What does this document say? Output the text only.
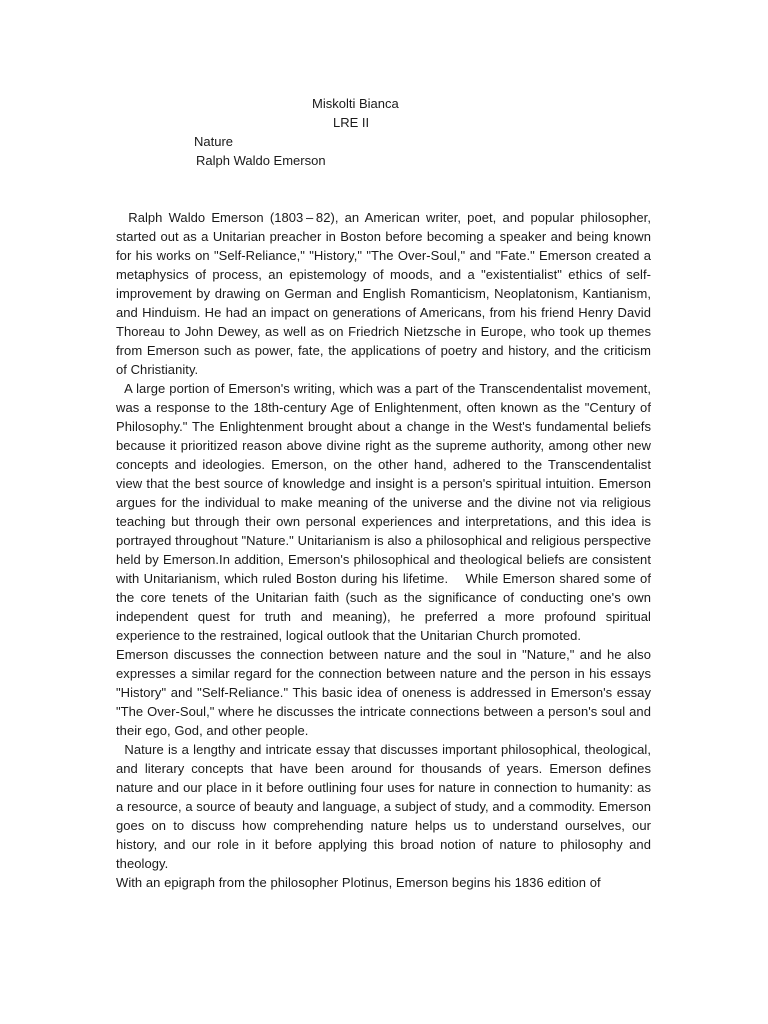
Miskolti Bianca
LRE II
Nature
Ralph Waldo Emerson

Ralph Waldo Emerson (1803 – 82), an American writer, poet, and popular philosopher, started out as a Unitarian preacher in Boston before becoming a speaker and being known for his works on "Self-Reliance," "History," "The Over-Soul," and "Fate." Emerson created a metaphysics of process, an epistemology of moods, and a "existentialist" ethics of self-improvement by drawing on German and English Romanticism, Neoplatonism, Kantianism, and Hinduism. He had an impact on generations of Americans, from his friend Henry David Thoreau to John Dewey, as well as on Friedrich Nietzsche in Europe, who took up themes from Emerson such as power, fate, the applications of poetry and history, and the criticism of Christianity.

A large portion of Emerson's writing, which was a part of the Transcendentalist movement, was a response to the 18th-century Age of Enlightenment, often known as the "Century of Philosophy." The Enlightenment brought about a change in the West's fundamental beliefs because it prioritized reason above divine right as the supreme authority, among other new concepts and ideologies. Emerson, on the other hand, adhered to the Transcendentalist view that the best source of knowledge and insight is a person's spiritual intuition. Emerson argues for the individual to make meaning of the universe and the divine not via religious teaching but through their own personal experiences and interpretations, and this idea is portrayed throughout "Nature." Unitarianism is also a philosophical and religious perspective held by Emerson.In addition, Emerson's philosophical and theological beliefs are consistent with Unitarianism, which ruled Boston during his lifetime.    While Emerson shared some of the core tenets of the Unitarian faith (such as the significance of conducting one's own independent quest for truth and meaning), he preferred a more profound spiritual experience to the restrained, logical outlook that the Unitarian Church promoted.

Emerson discusses the connection between nature and the soul in "Nature," and he also expresses a similar regard for the connection between nature and the person in his essays "History" and "Self-Reliance." This basic idea of oneness is addressed in Emerson's essay "The Over-Soul," where he discusses the intricate connections between a person's soul and their ego, God, and other people.

Nature is a lengthy and intricate essay that discusses important philosophical, theological, and literary concepts that have been around for thousands of years. Emerson defines nature and our place in it before outlining four uses for nature in connection to humanity: as a resource, a source of beauty and language, a subject of study, and a commodity. Emerson goes on to discuss how comprehending nature helps us to understand ourselves, our history, and our role in it before applying this broad notion of nature to philosophy and theology.

With an epigraph from the philosopher Plotinus, Emerson begins his 1836 edition of
